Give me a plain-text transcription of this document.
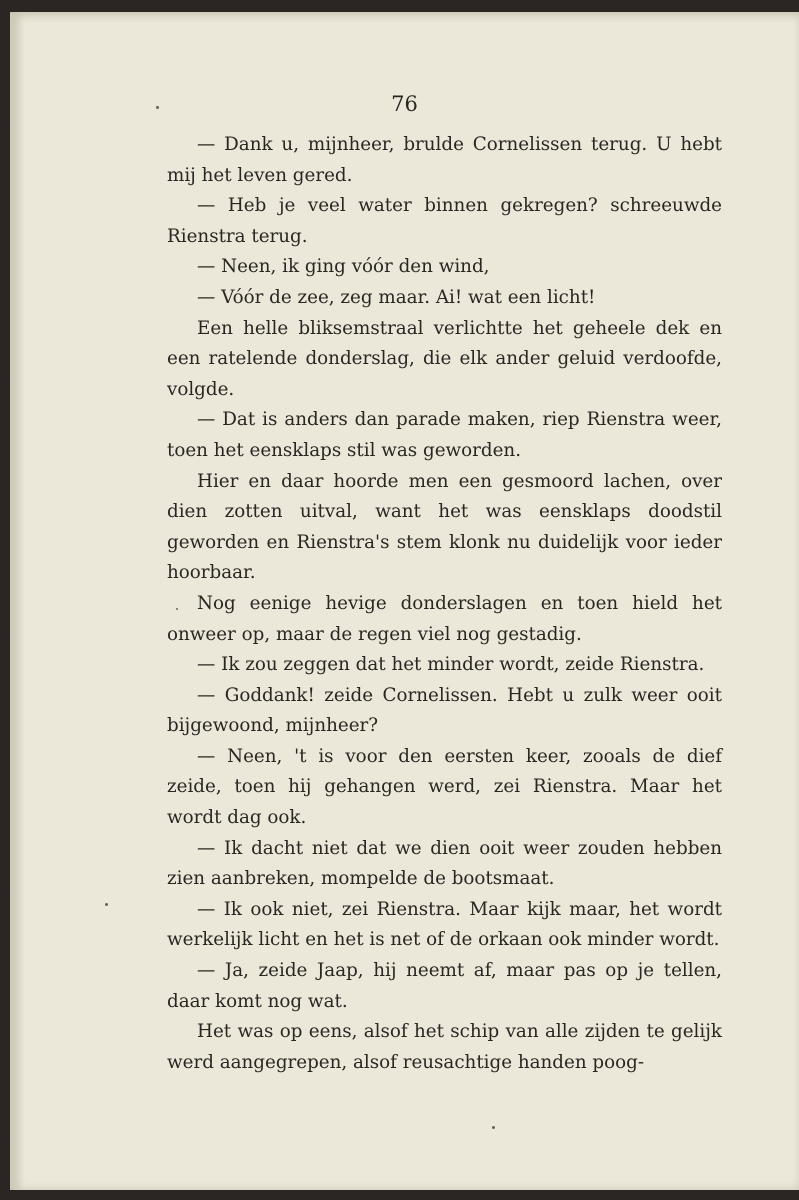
76

— Dank u, mijnheer, brulde Cornelissen terug. U hebt mij het leven gered.

— Heb je veel water binnen gekregen? schreeuwde Rienstra terug.

— Neen, ik ging vóór den wind,

— Vóór de zee, zeg maar. Ai! wat een licht!

Een helle bliksemstraal verlichtte het geheele dek en een ratelende donderslag, die elk ander geluid verdoofde, volgde.

— Dat is anders dan parade maken, riep Rienstra weer, toen het eensklaps stil was geworden.

Hier en daar hoorde men een gesmoord lachen, over dien zotten uitval, want het was eensklaps doodstil geworden en Rienstra's stem klonk nu duidelijk voor ieder hoorbaar.

Nog eenige hevige donderslagen en toen hield het onweer op, maar de regen viel nog gestadig.

— Ik zou zeggen dat het minder wordt, zeide Rienstra.

— Goddank! zeide Cornelissen. Hebt u zulk weer ooit bijgewoond, mijnheer?

— Neen, 't is voor den eersten keer, zooals de dief zeide, toen hij gehangen werd, zei Rienstra. Maar het wordt dag ook.

— Ik dacht niet dat we dien ooit weer zouden hebben zien aanbreken, mompelde de bootsmaat.

— Ik ook niet, zei Rienstra. Maar kijk maar, het wordt werkelijk licht en het is net of de orkaan ook minder wordt.

— Ja, zeide Jaap, hij neemt af, maar pas op je tellen, daar komt nog wat.

Het was op eens, alsof het schip van alle zijden te gelijk werd aangegrepen, alsof reusachtige handen poog-
